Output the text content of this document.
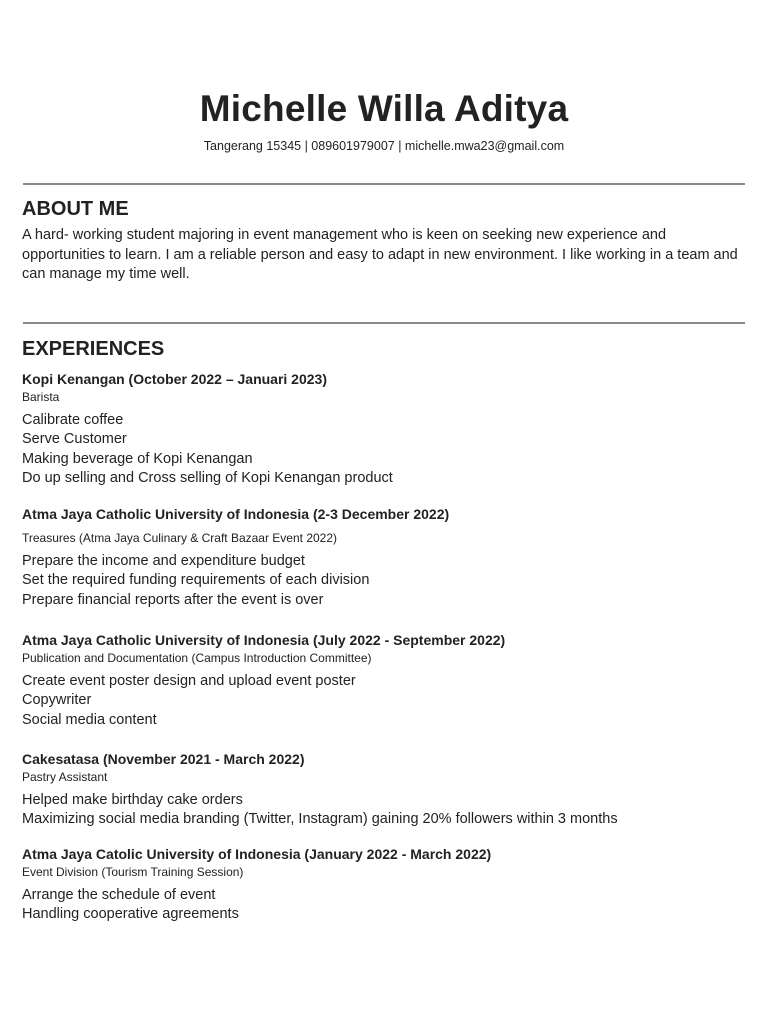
Michelle Willa Aditya
Tangerang 15345 | 089601979007 | michelle.mwa23@gmail.com
ABOUT ME

A hard- working student majoring in event management who is keen on seeking new experience and opportunities to learn. I am a reliable person and easy to adapt in new environment. I like working in a team and can manage my time well.

EXPERIENCES
Kopi Kenangan (October 2022 – Januari 2023)
Barista
Calibrate coffee
Serve Customer
Making beverage of Kopi Kenangan
Do up selling and Cross selling of Kopi Kenangan product
Atma Jaya Catholic University of Indonesia (2-3 December 2022)
Treasures (Atma Jaya Culinary & Craft Bazaar Event 2022)
Prepare the income and expenditure budget
Set the required funding requirements of each division
Prepare financial reports after the event is over
Atma Jaya Catholic University of Indonesia (July 2022 - September 2022)
Publication and Documentation (Campus Introduction Committee)
Create event poster design and upload event poster
Copywriter
Social media content
Cakesatasa (November 2021 - March 2022)
Pastry Assistant
Helped make birthday cake orders
Maximizing social media branding (Twitter, Instagram) gaining 20% followers within 3 months
Atma Jaya Catolic University of Indonesia (January 2022 - March 2022)
Event Division (Tourism Training Session)
Arrange the schedule of event
Handling cooperative agreements
